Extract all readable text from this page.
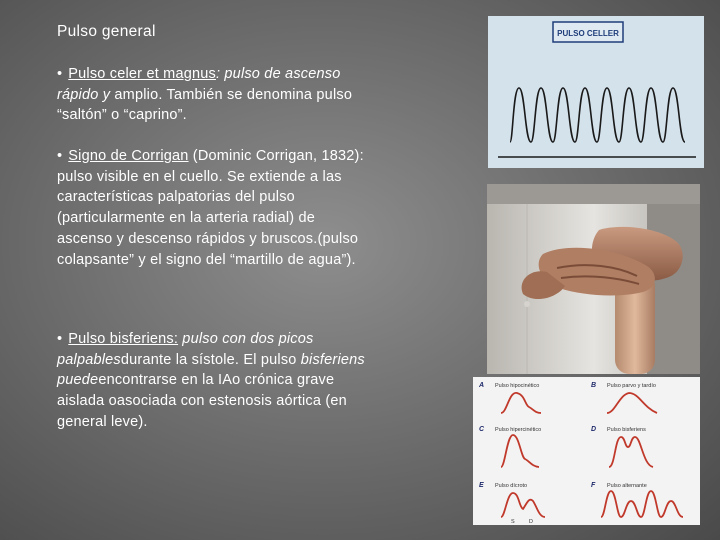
Pulso general
• Pulso celer et magnus: pulso de ascenso rápido y amplio. También se denomina pulso “saltón” o “caprino”.
• Signo de Corrigan (Dominic Corrigan, 1832):
pulso visible en el cuello. Se extiende a las características palpatorias del pulso (particularmente en la arteria radial) de ascenso y descenso rápidos y bruscos.(pulso colapsante” y el signo del “martillo de agua”).
• Pulso bisferiens: pulso con dos picos palpablesdurante la sístole. El pulso bisferiens puedeencontrarse en la IAo crónica grave aislada oasociada con estenosis aórtica (en general leve).
PULSO CELLER
A Pulso hipocinético	B Pulso parvo y tardío
C Pulso hipercinético	D Pulso bisferiens
E Pulso dícroto
S	D
F Pulso alternante
